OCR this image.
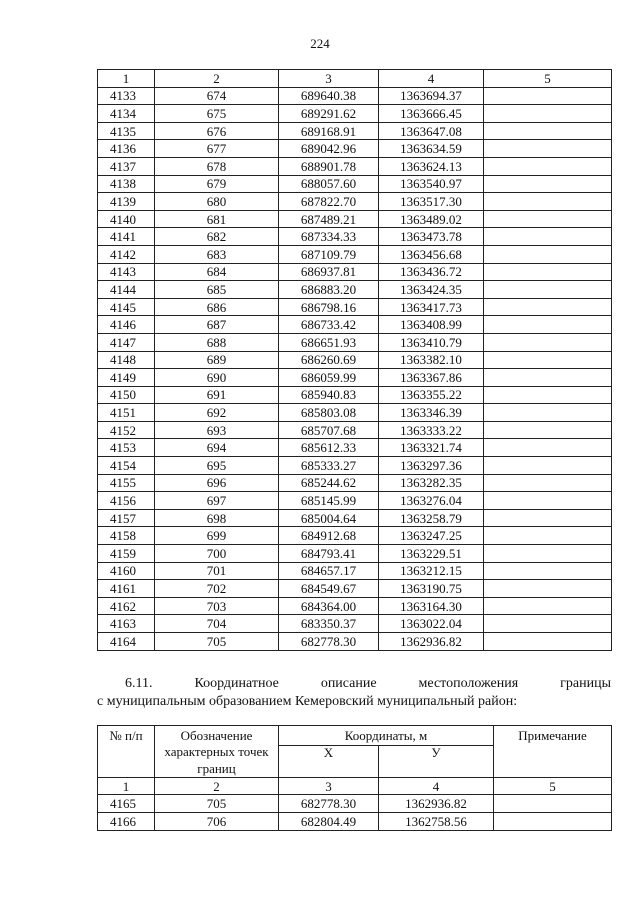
224
1	2	3	4	5
4133	674	689640.38	1363694.37	
4134	675	689291.62	1363666.45	
4135	676	689168.91	1363647.08	
4136	677	689042.96	1363634.59	
4137	678	688901.78	1363624.13	
4138	679	688057.60	1363540.97	
4139	680	687822.70	1363517.30	
4140	681	687489.21	1363489.02	
4141	682	687334.33	1363473.78	
4142	683	687109.79	1363456.68	
4143	684	686937.81	1363436.72	
4144	685	686883.20	1363424.35	
4145	686	686798.16	1363417.73	
4146	687	686733.42	1363408.99	
4147	688	686651.93	1363410.79	
4148	689	686260.69	1363382.10	
4149	690	686059.99	1363367.86	
4150	691	685940.83	1363355.22	
4151	692	685803.08	1363346.39	
4152	693	685707.68	1363333.22	
4153	694	685612.33	1363321.74	
4154	695	685333.27	1363297.36	
4155	696	685244.62	1363282.35	
4156	697	685145.99	1363276.04	
4157	698	685004.64	1363258.79	
4158	699	684912.68	1363247.25	
4159	700	684793.41	1363229.51	
4160	701	684657.17	1363212.15	
4161	702	684549.67	1363190.75	
4162	703	684364.00	1363164.30	
4163	704	683350.37	1363022.04	
4164	705	682778.30	1362936.82	
6.11.	Координатное	описание	местоположения	границы
с муниципальным образованием Кемеровский муниципальный район:
№ п/п	Обозначение характерных точек границ	Координаты, м		Примечание
		X	У	
1	2	3	4	5
4165	705	682778.30	1362936.82	
4166	706	682804.49	1362758.56	
